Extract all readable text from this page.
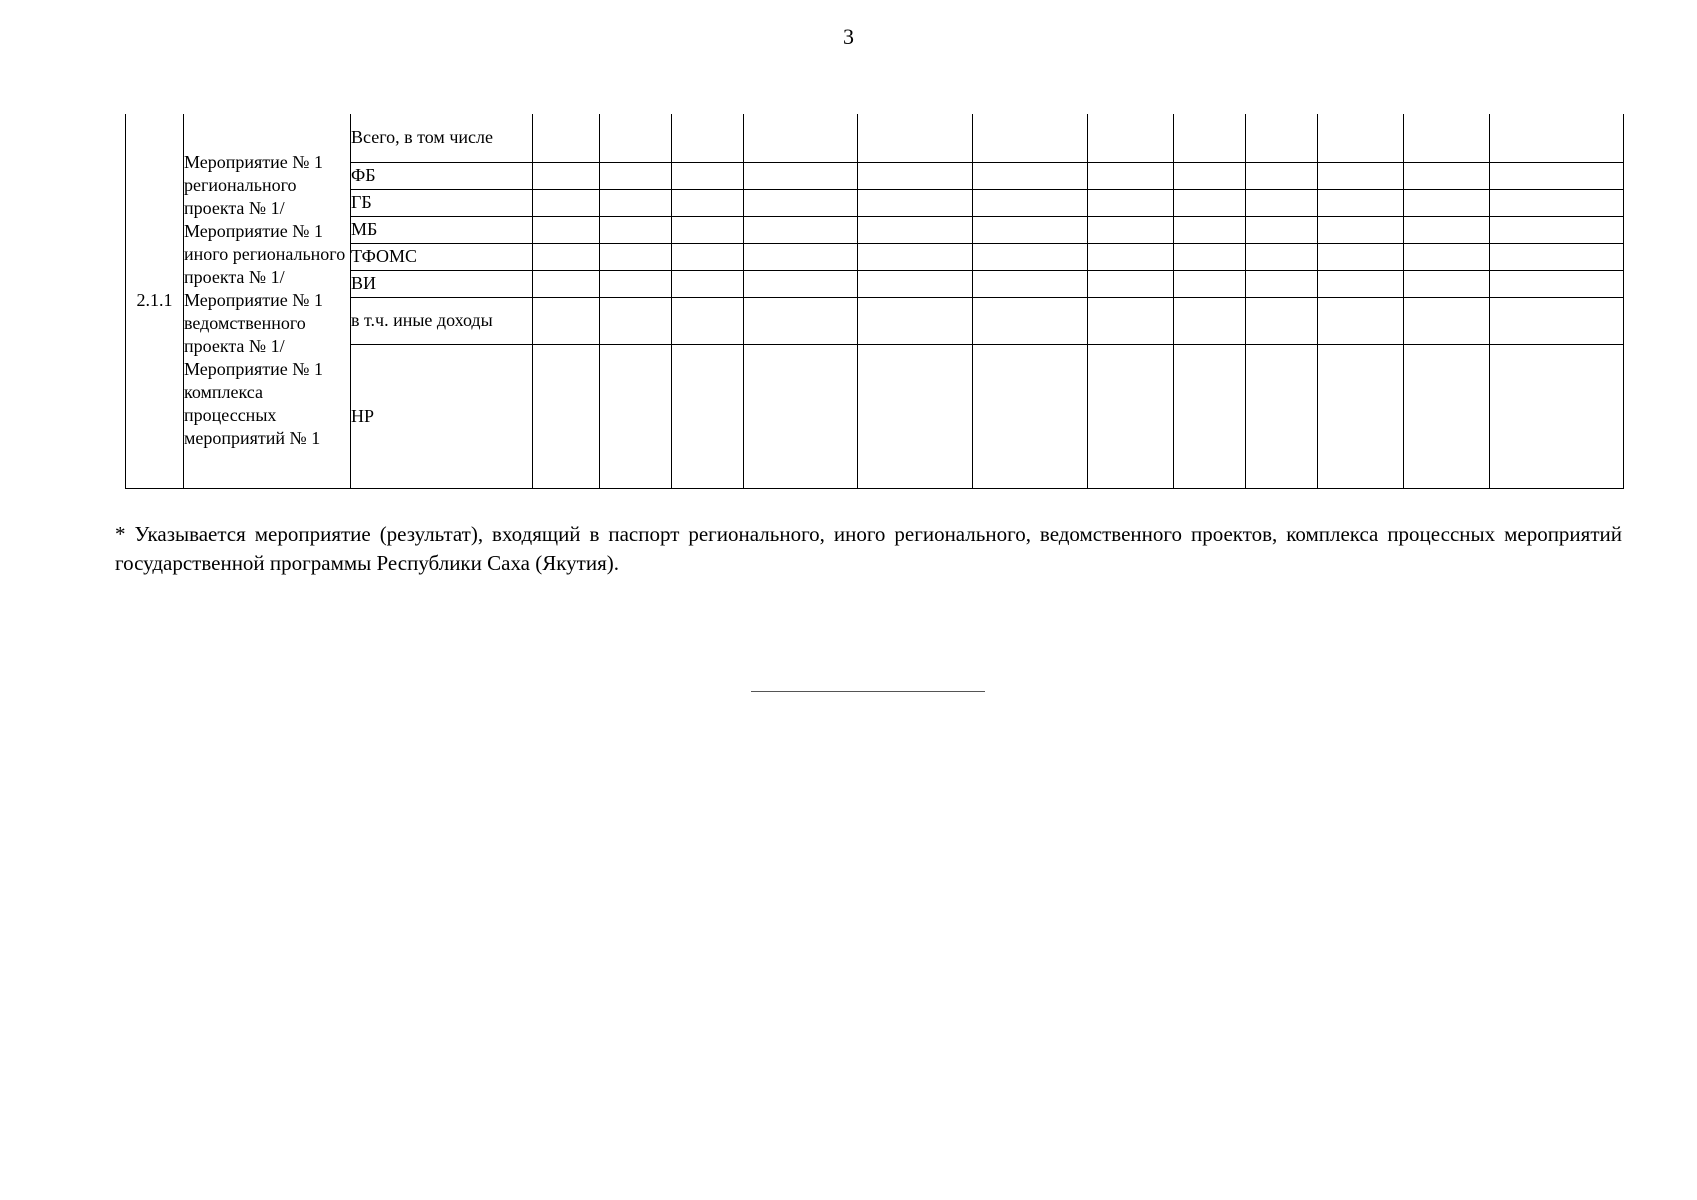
3
2.1.1	Мероприятие № 1 регионального проекта № 1/ Мероприятие № 1 иного регионального проекта № 1/ Мероприятие № 1 ведомственного проекта № 1/ Мероприятие № 1 комплекса процессных мероприятий № 1	Всего, в том числе												
		ФБ												
		ГБ												
		МБ												
		ТФОМС												
		ВИ												
		в т.ч. иные доходы												
		НР												
* Указывается мероприятие (результат), входящий в паспорт регионального, иного регионального, ведомственного проектов, комплекса процессных мероприятий государственной программы Республики Саха (Якутия).
